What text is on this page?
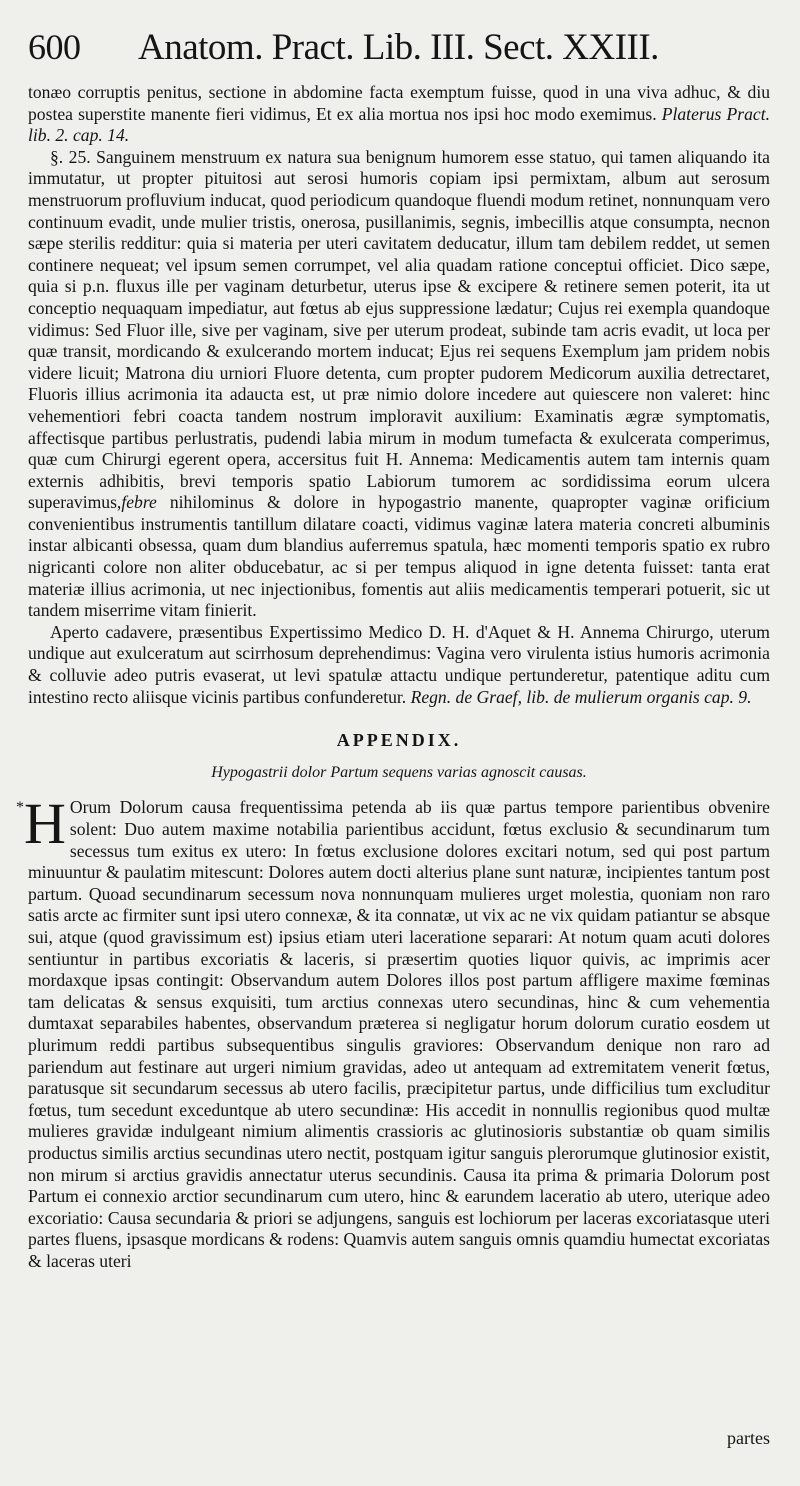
600	Anatom. Pract. Lib. III. Sect. XXIII.

tonæo corruptis penitus, sectione in abdomine facta exemptum fuisse, quod in una viva adhuc, & diu postea superstite manente fieri vidimus, Et ex alia mortua nos ipsi hoc modo exemimus. Platerus Pract. lib. 2. cap. 14.

§. 25. Sanguinem menstruum ex natura sua benignum humorem esse statuo, qui tamen aliquando ita immutatur, ut propter pituitosi aut serosi humoris copiam ipsi permixtam, album aut serosum menstruorum profluvium inducat, quod periodicum quandoque fluendi modum retinet, nonnunquam vero continuum evadit, unde mulier tristis, onerosa, pusillanimis, segnis, imbecillis atque consumpta, necnon sæpe sterilis redditur: quia si materia per uteri cavitatem deducatur, illum tam debilem reddet, ut semen continere nequeat; vel ipsum semen corrumpet, vel alia quadam ratione conceptui officiet. Dico sæpe, quia si p.n. fluxus ille per vaginam deturbetur, uterus ipse & excipere & retinere semen poterit, ita ut conceptio nequaquam impediatur, aut fœtus ab ejus suppressione lædatur; Cujus rei exempla quandoque vidimus: Sed Fluor ille, sive per vaginam, sive per uterum prodeat, subinde tam acris evadit, ut loca per quæ transit, mordicando & exulcerando mortem inducat; Ejus rei sequens Exemplum jam pridem nobis videre licuit; Matrona diu urniori Fluore detenta, cum propter pudorem Medicorum auxilia detrectaret, Fluoris illius acrimonia ita adaucta est, ut præ nimio dolore incedere aut quiescere non valeret: hinc vehementiori febri coacta tandem nostrum imploravit auxilium: Examinatis ægræ symptomatis, affectisque partibus perlustratis, pudendi labia mirum in modum tumefacta & exulcerata comperimus, quæ cum Chirurgi egerent opera, accersitus fuit H. Annema: Medicamentis autem tam internis quam externis adhibitis, brevi temporis spatio Labiorum tumorem ac sordidissima eorum ulcera superavimus,febre nihilominus & dolore in hypogastrio manente, quapropter vaginæ orificium convenientibus instrumentis tantillum dilatare coacti, vidimus vaginæ latera materia concreti albuminis instar albicanti obsessa, quam dum blandius auferremus spatula, hæc momenti temporis spatio ex rubro nigricanti colore non aliter obducebatur, ac si per tempus aliquod in igne detenta fuisset: tanta erat materiæ illius acrimonia, ut nec injectionibus, fomentis aut aliis medicamentis temperari potuerit, sic ut tandem miserrime vitam finierit.

Aperto cadavere, præsentibus Expertissimo Medico D. H. d'Aquet & H. Annema Chirurgo, uterum undique aut exulceratum aut scirrhosum deprehendimus: Vagina vero virulenta istius humoris acrimonia & colluvie adeo putris evaserat, ut levi spatulæ attactu undique pertunderetur, patentique aditu cum intestino recto aliisque vicinis partibus confunderetur. Regn. de Graef, lib. de mulierum organis cap. 9.

APPENDIX.
Hypogastrii dolor Partum sequens varias agnoscit causas.

* H Orum Dolorum causa frequentissima petenda ab iis quæ partus tempore parientibus obvenire solent: Duo autem maxime notabilia parientibus accidunt, fœtus exclusio & secundinarum tum secessus tum exitus ex utero: In fœtus exclusione dolores excitari notum, sed qui post partum minuuntur & paulatim mitescunt: Dolores autem docti alterius plane sunt naturæ, incipientes tantum post partum. Quoad secundinarum secessum nova nonnunquam mulieres urget molestia, quoniam non raro satis arcte ac firmiter sunt ipsi utero connexæ, & ita connatæ, ut vix ac ne vix quidam patiantur se absque sui, atque (quod gravissimum est) ipsius etiam uteri laceratione separari: At notum quam acuti dolores sentiuntur in partibus excoriatis & laceris, si præsertim quoties liquor quivis, ac imprimis acer mordaxque ipsas contingit: Observandum autem Dolores illos post partum affligere maxime fœminas tam delicatas & sensus exquisiti, tum arctius connexas utero secundinas, hinc & cum vehementia dumtaxat separabiles habentes, observandum præterea si negligatur horum dolorum curatio eosdem ut plurimum reddi partibus subsequentibus singulis graviores: Observandum denique non raro ad pariendum aut festinare aut urgeri nimium gravidas, adeo ut antequam ad extremitatem venerit fœtus, paratusque sit secundarum secessus ab utero facilis, præcipitetur partus, unde difficilius tum excluditur fœtus, tum secedunt exceduntque ab utero secundinæ: His accedit in nonnullis regionibus quod multæ mulieres gravidæ indulgeant nimium alimentis crassioris ac glutinosioris substantiæ ob quam similis productus similis arctius secundinas utero nectit, postquam igitur sanguis plerorumque glutinosior existit, non mirum si arctius gravidis annectatur uterus secundinis. Causa ita prima & primaria Dolorum post Partum ei connexio arctior secundinarum cum utero, hinc & earundem laceratio ab utero, uterique adeo excoriatio: Causa secundaria & priori se adjungens, sanguis est lochiorum per laceras excoriatasque uteri partes fluens, ipsasque mordicans & rodens: Quamvis autem sanguis omnis quamdiu humectat excoriatas & laceras uteri

partes
